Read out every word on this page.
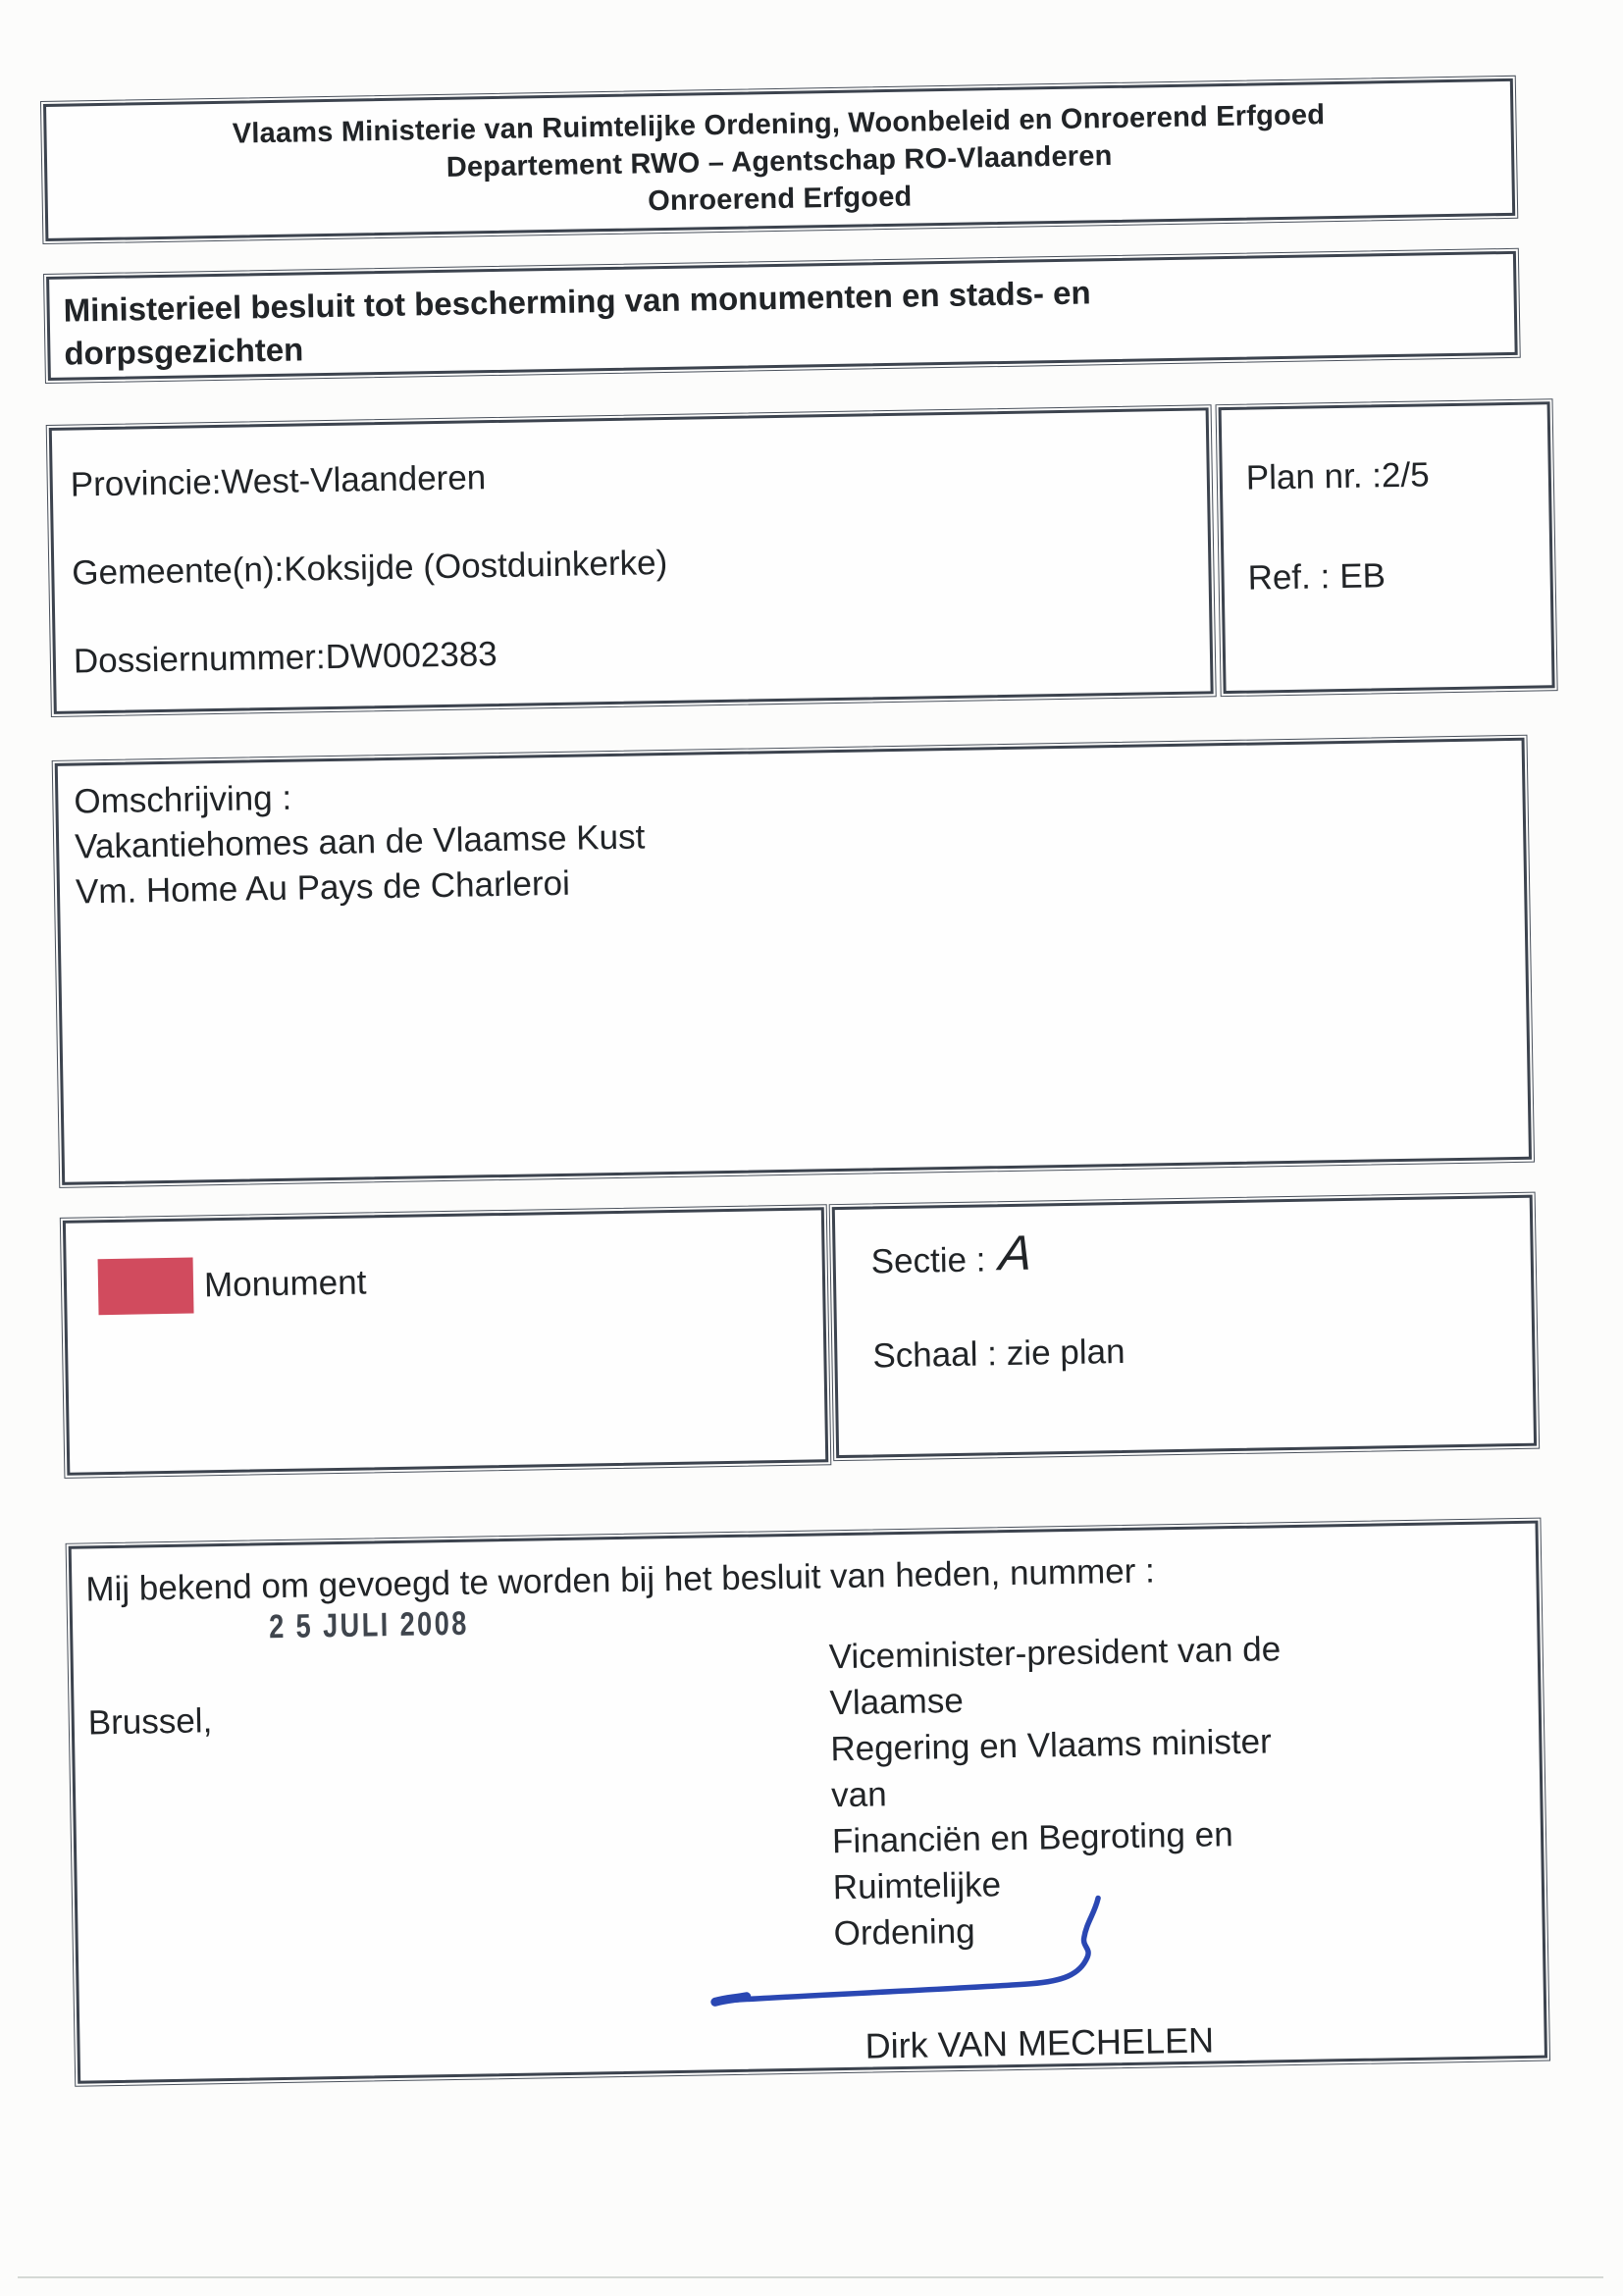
Vlaams Ministerie van Ruimtelijke Ordening, Woonbeleid en Onroerend Erfgoed
Departement RWO – Agentschap RO-Vlaanderen
Onroerend Erfgoed
Ministerieel besluit tot bescherming van monumenten en stads- en
dorpsgezichten
Provincie:West-Vlaanderen
Gemeente(n):Koksijde (Oostduinkerke)
Dossiernummer:DW002383
Plan nr. :2/5
Ref. : EB
Omschrijving :
Vakantiehomes aan de Vlaamse Kust
Vm. Home Au Pays de Charleroi
Monument
Sectie : A
Schaal : zie plan
Mij bekend om gevoegd te worden bij het besluit van heden, nummer :
2 5 JULI 2008
Brussel,
Viceminister-president van de Vlaamse
Regering en Vlaams minister van
Financiën en Begroting en Ruimtelijke
Ordening
Dirk VAN MECHELEN
